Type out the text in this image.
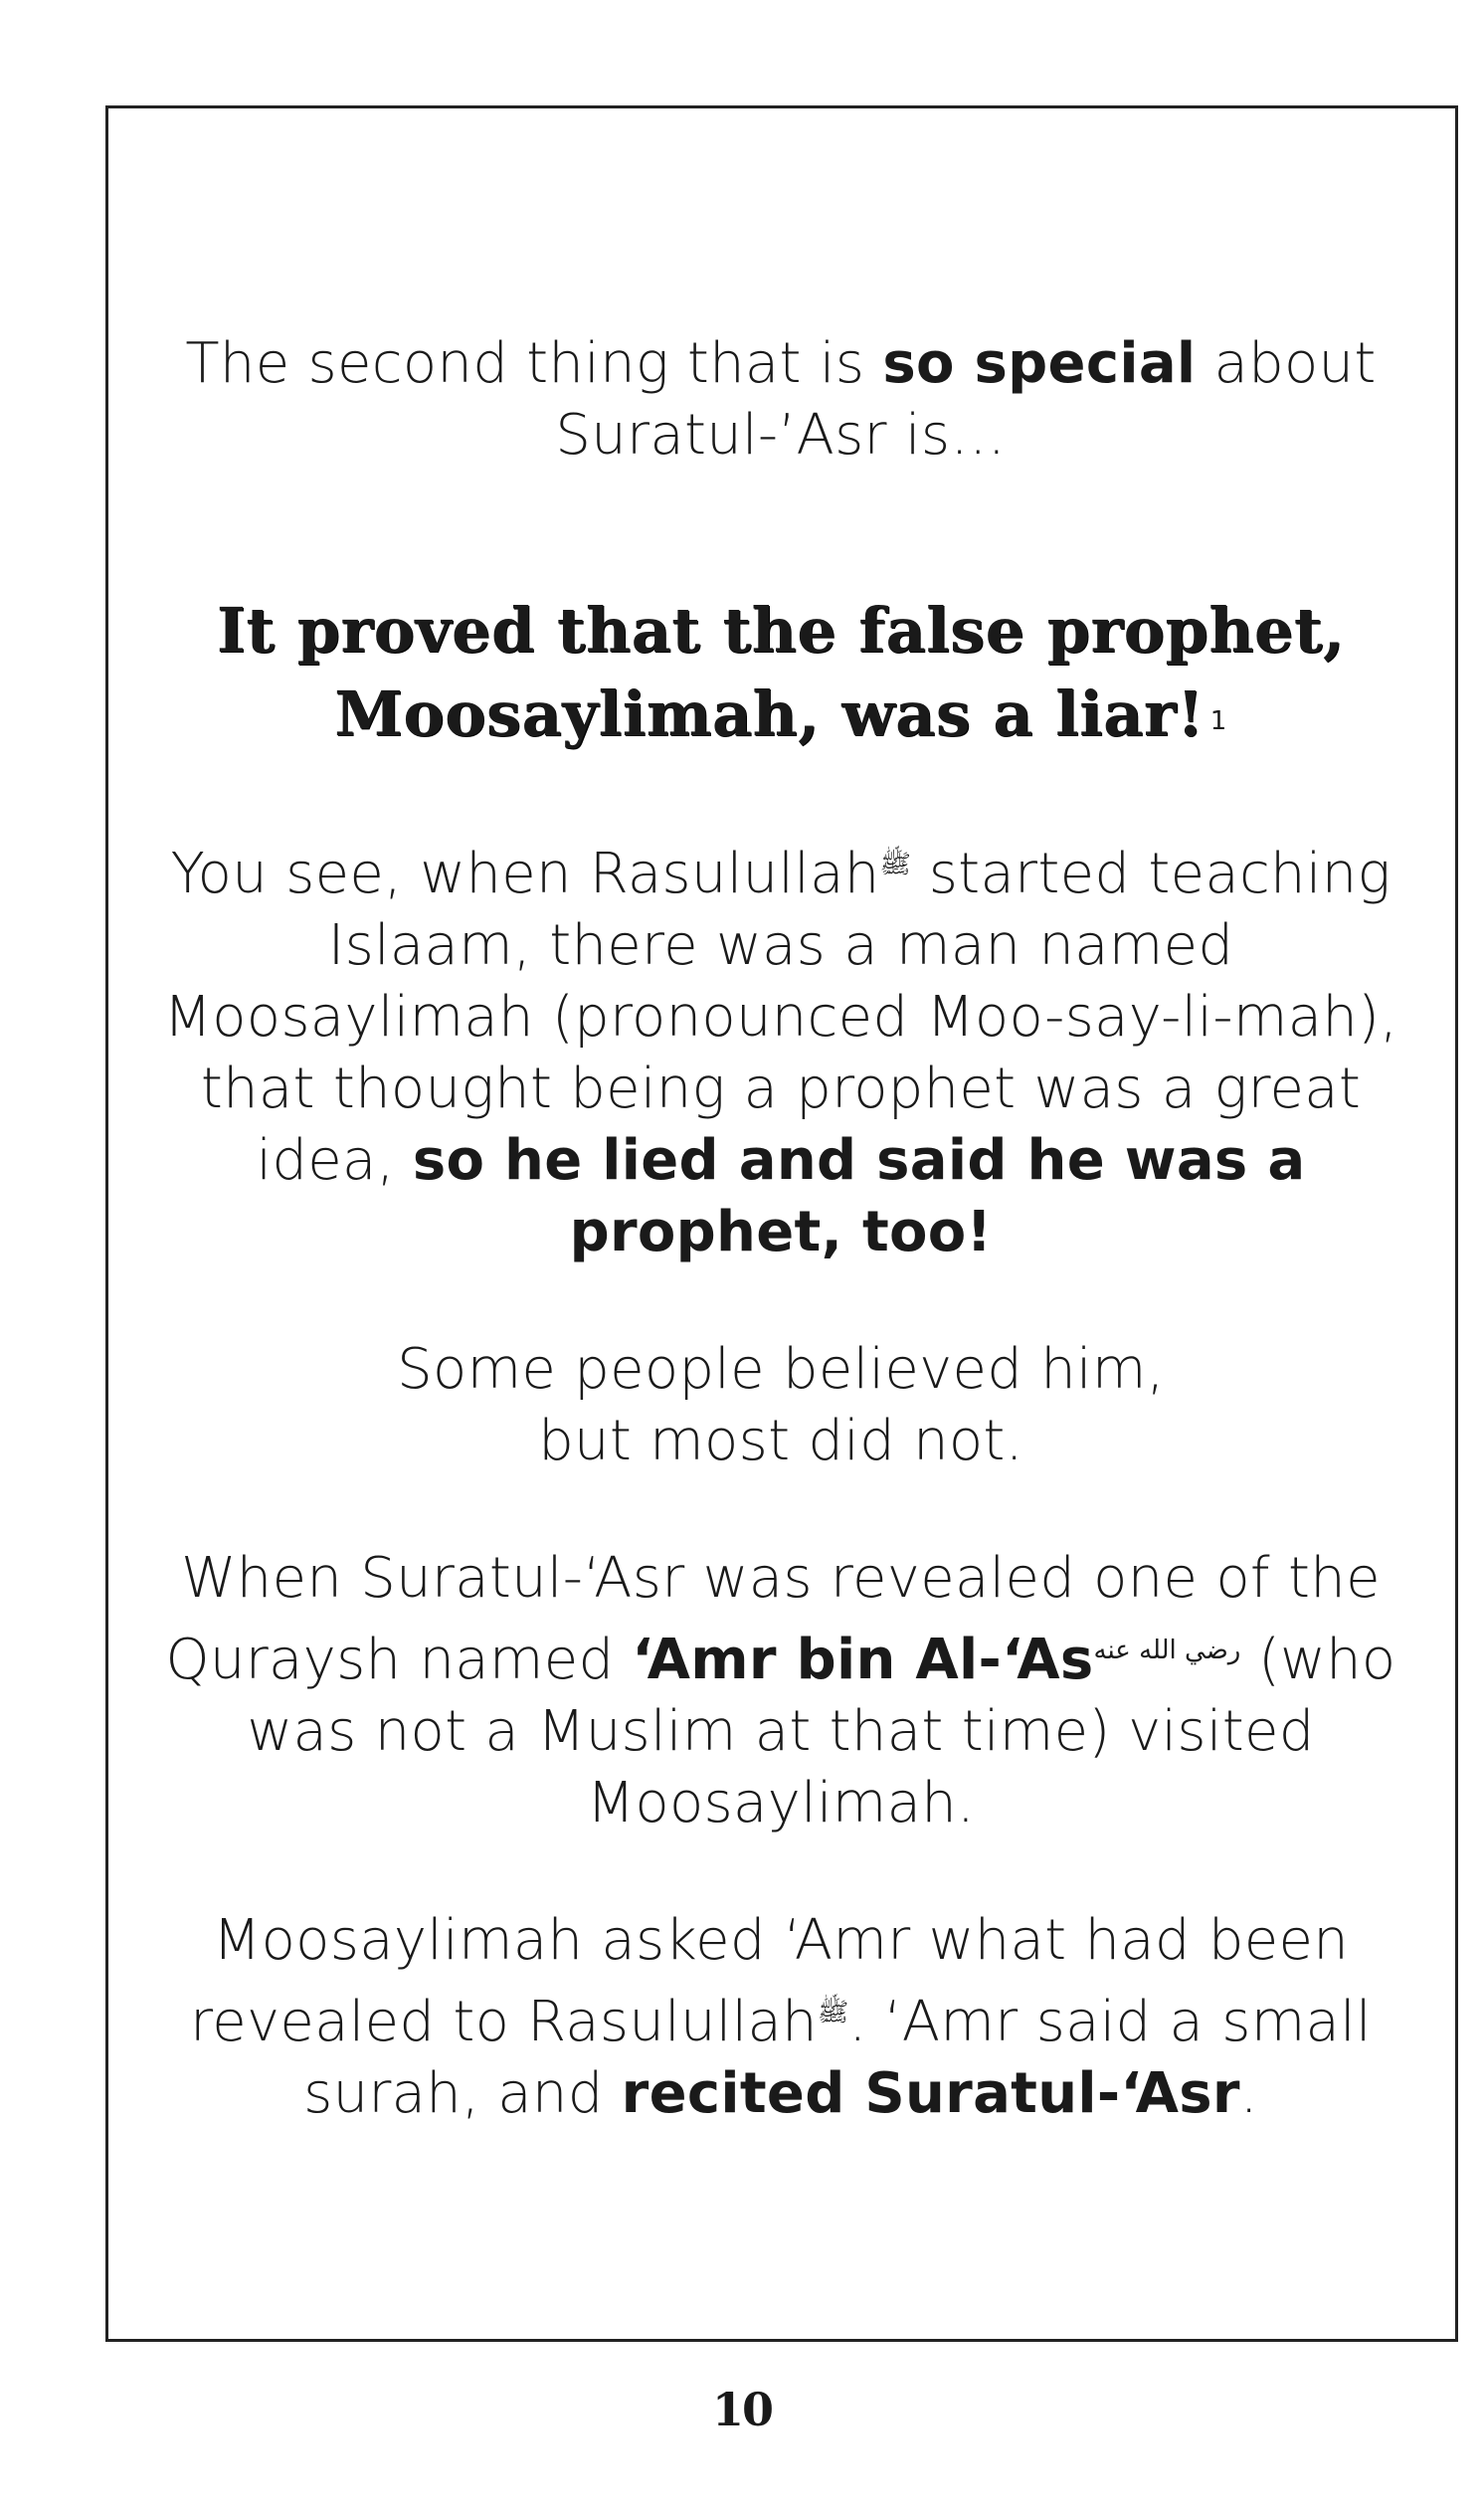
The second thing that is so special about
Suratul-’Asr is…

It proved that the false prophet,
Moosaylimah, was a liar! $^1$

You see, when Rasulullah$^ﷺ$ started teaching Islaam, there was a man named Moosaylimah (pronounced Moo-say-li-mah), that thought being a prophet was a great idea, so he lied and said he was a prophet, too!

Some people believed him,
but most did not.

When Suratul-‘Asr was revealed one of the Quraysh named ‘Amr bin $Al-‘As^{رضي الله عنه}$ (who was not a Muslim at that time) visited Moosaylimah.

Moosaylimah asked ‘Amr what had been revealed to Rasulullah$^ﷺ$. ‘Amr said a small surah, and recited Suratul-‘Asr.

10
